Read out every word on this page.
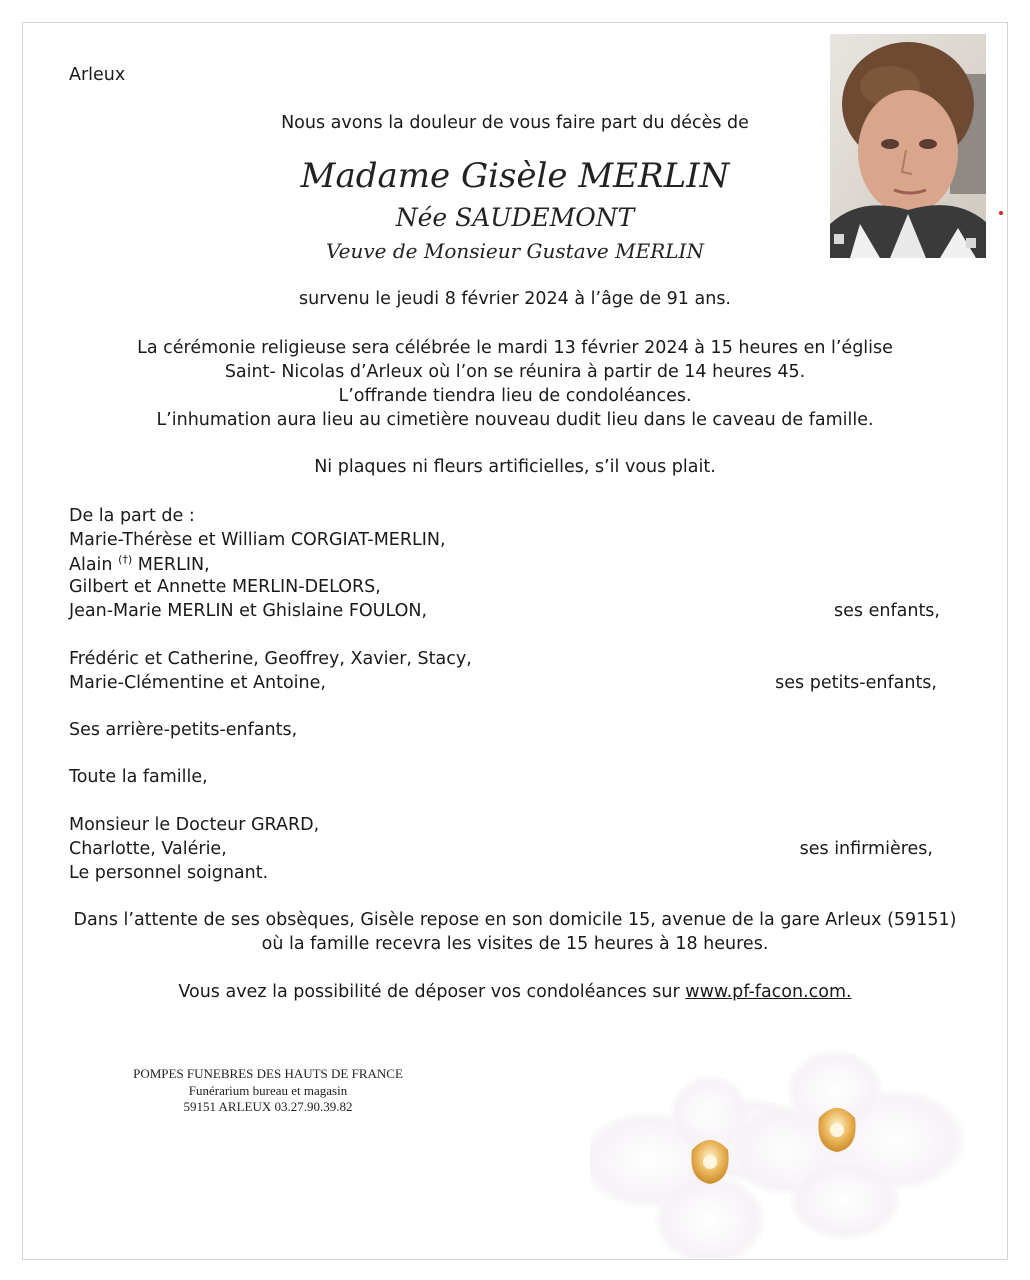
Arleux
Nous avons la douleur de vous faire part du décès de
Madame Gisèle MERLIN
Née SAUDEMONT
Veuve de Monsieur Gustave MERLIN
survenu le jeudi 8 février 2024 à l’âge de 91 ans.
La cérémonie religieuse sera célébrée le mardi 13 février 2024 à 15 heures en l’église
Saint- Nicolas d’Arleux où l’on se réunira à partir de 14 heures 45.
L’offrande tiendra lieu de condoléances.
L’inhumation aura lieu au cimetière nouveau dudit lieu dans le caveau de famille.
Ni plaques ni fleurs artificielles, s’il vous plait.
De la part de :
Marie-Thérèse et William CORGIAT-MERLIN,
Alain (†) MERLIN,
Gilbert et Annette MERLIN-DELORS,
Jean-Marie MERLIN et Ghislaine FOULON,	ses enfants,
Frédéric et Catherine, Geoffrey, Xavier, Stacy,
Marie-Clémentine et Antoine,	ses petits-enfants,
Ses arrière-petits-enfants,
Toute la famille,
Monsieur le Docteur GRARD,
Charlotte, Valérie,	ses infirmières,
Le personnel soignant.
Dans l’attente de ses obsèques, Gisèle repose en son domicile 15, avenue de la gare Arleux (59151)
où la famille recevra les visites de 15 heures à 18 heures.
Vous avez la possibilité de déposer vos condoléances sur www.pf-facon.com.
POMPES FUNEBRES DES HAUTS DE FRANCE
Funérarium bureau et magasin
59151 ARLEUX 03.27.90.39.82
